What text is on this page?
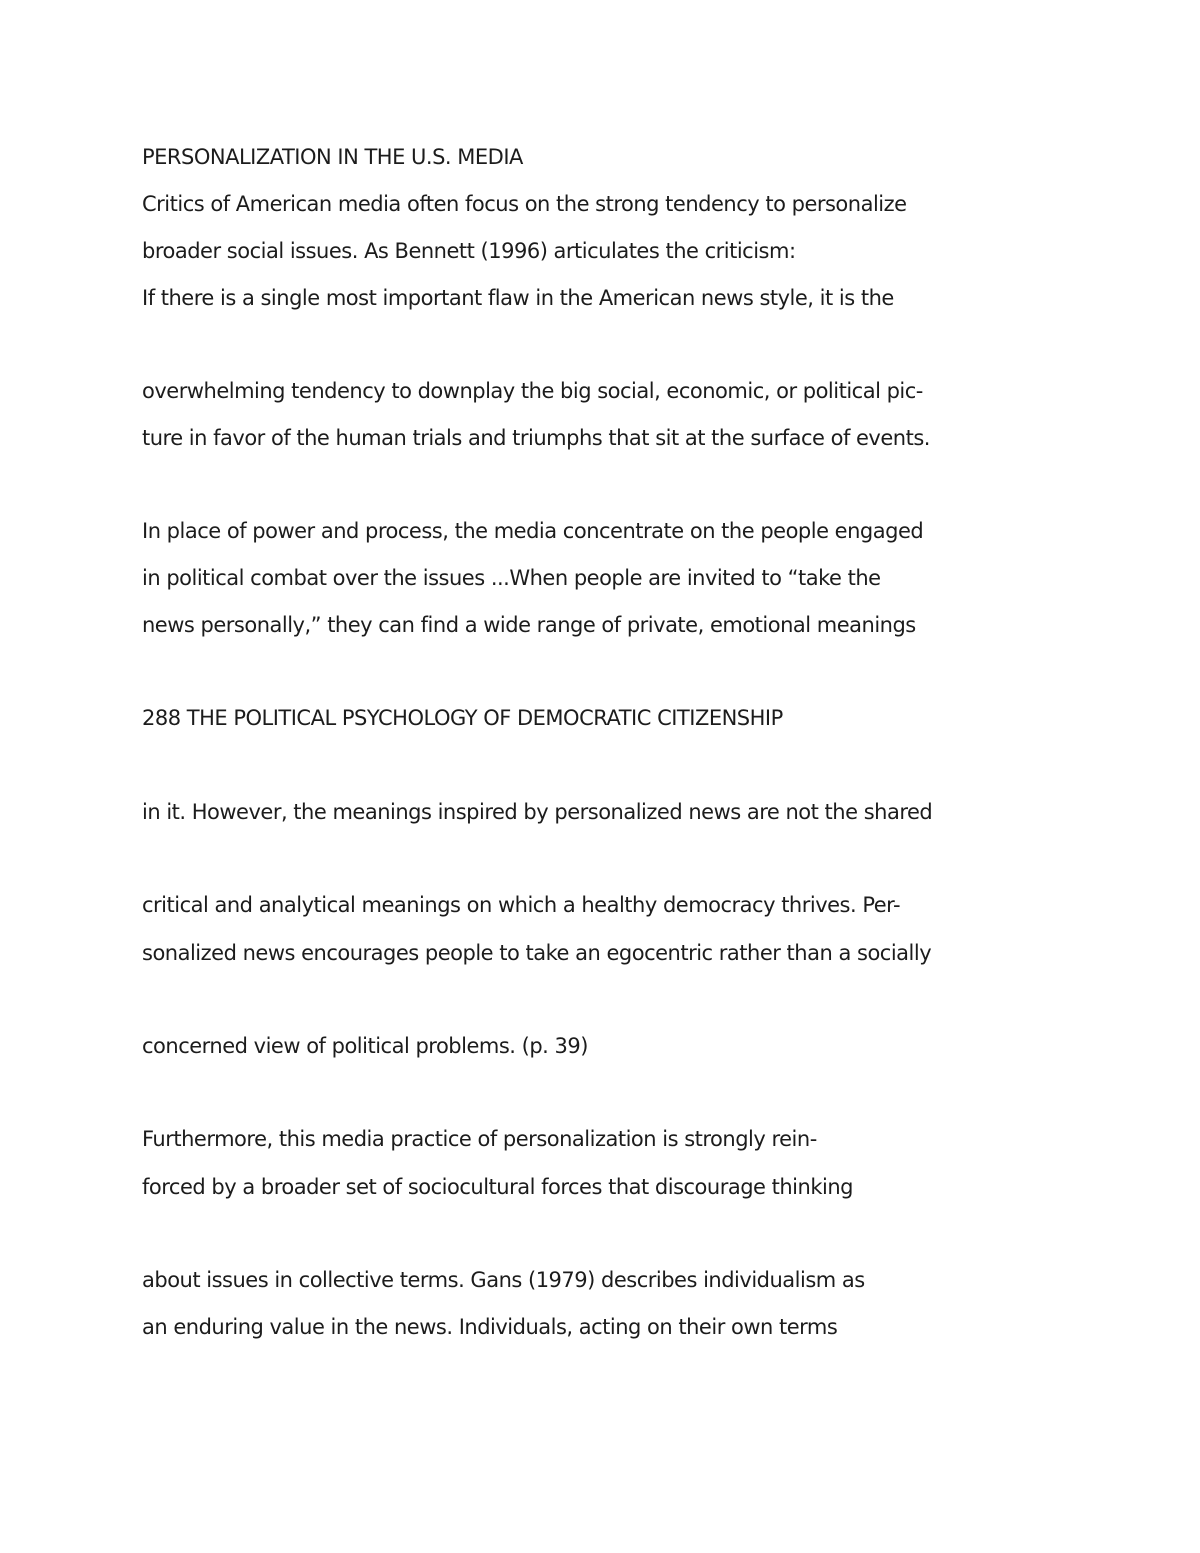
PERSONALIZATION IN THE U.S. MEDIA
Critics of American media often focus on the strong tendency to personalize
broader social issues. As Bennett (1996) articulates the criticism:
If there is a single most important flaw in the American news style, it is the
overwhelming tendency to downplay the big social, economic, or political pic-
ture in favor of the human trials and triumphs that sit at the surface of events.
In place of power and process, the media concentrate on the people engaged
in political combat over the issues ...When people are invited to “take the
news personally,” they can find a wide range of private, emotional meanings
288 THE POLITICAL PSYCHOLOGY OF DEMOCRATIC CITIZENSHIP
in it. However, the meanings inspired by personalized news are not the shared
critical and analytical meanings on which a healthy democracy thrives. Per-
sonalized news encourages people to take an egocentric rather than a socially
concerned view of political problems. (p. 39)
Furthermore, this media practice of personalization is strongly rein-
forced by a broader set of sociocultural forces that discourage thinking
about issues in collective terms. Gans (1979) describes individualism as
an enduring value in the news. Individuals, acting on their own terms
